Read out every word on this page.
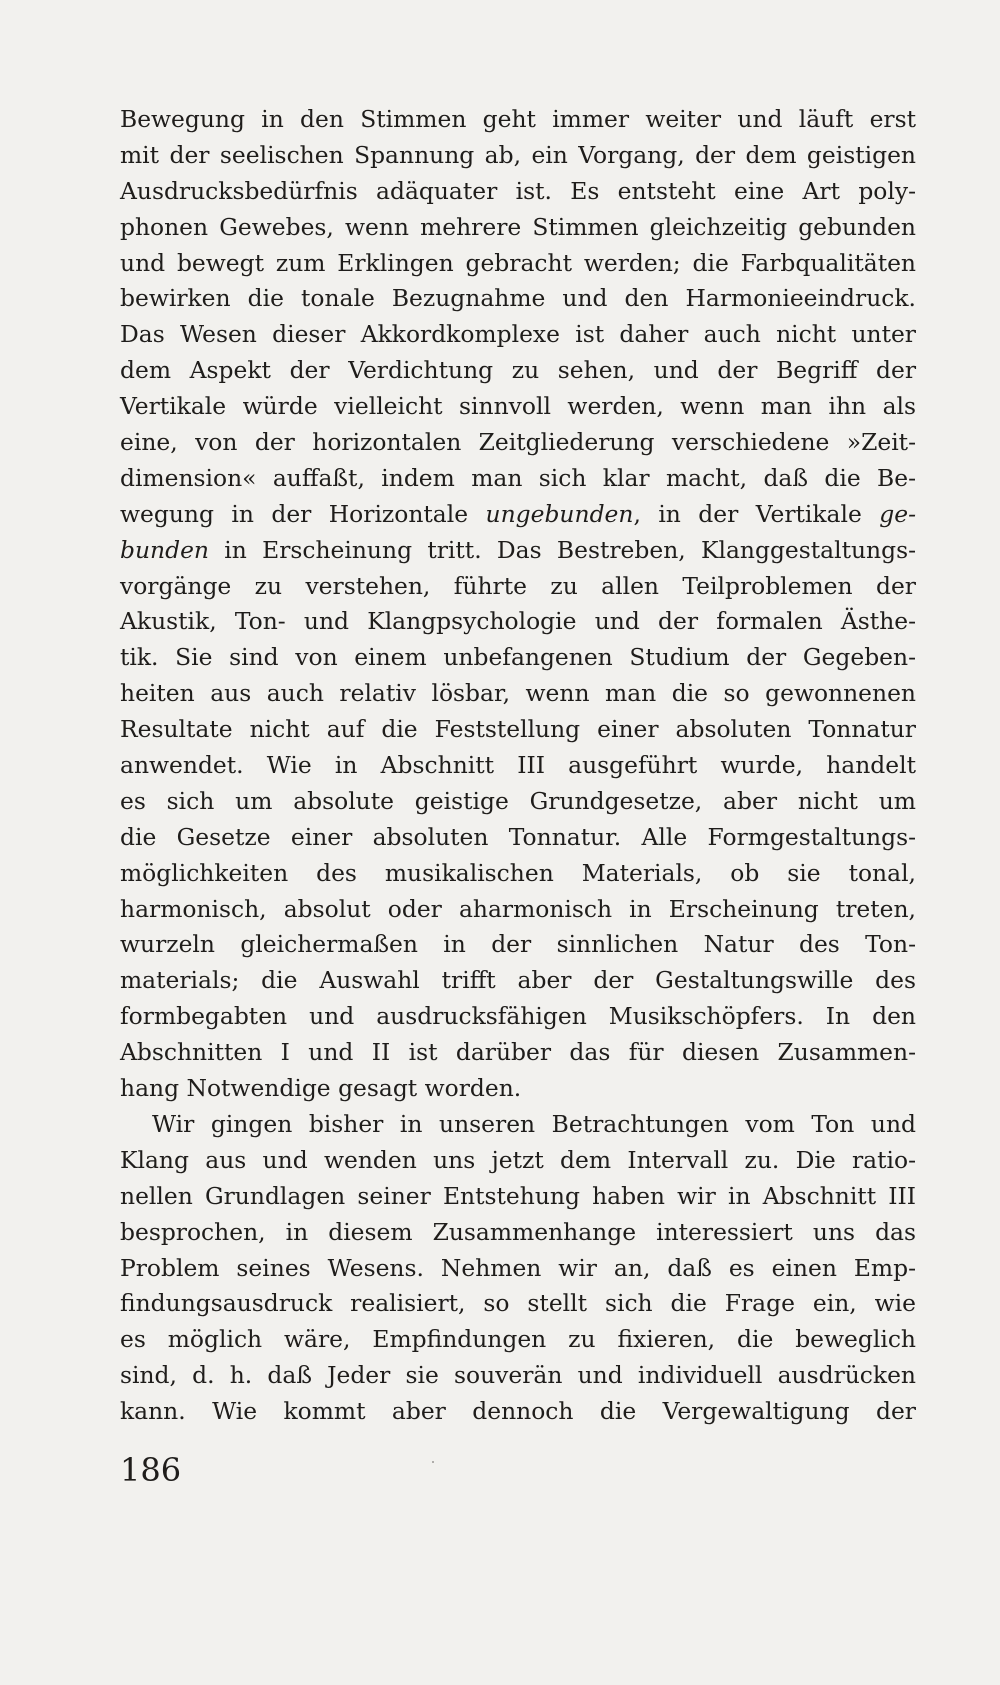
Bewegung in den Stimmen geht immer weiter und läuft erst
mit der seelischen Spannung ab, ein Vorgang, der dem geistigen
Ausdrucksbedürfnis adäquater ist. Es entsteht eine Art poly-
phonen Gewebes, wenn mehrere Stimmen gleichzeitig gebunden
und bewegt zum Erklingen gebracht werden; die Farbqualitäten
bewirken die tonale Bezugnahme und den Harmonieeindruck.
Das Wesen dieser Akkordkomplexe ist daher auch nicht unter
dem Aspekt der Verdichtung zu sehen, und der Begriff der
Vertikale würde vielleicht sinnvoll werden, wenn man ihn als
eine, von der horizontalen Zeitgliederung verschiedene »Zeit-
dimension« auffaßt, indem man sich klar macht, daß die Be-
wegung in der Horizontale ungebunden, in der Vertikale ge-
bunden in Erscheinung tritt. Das Bestreben, Klanggestaltungs-
vorgänge zu verstehen, führte zu allen Teilproblemen der
Akustik, Ton- und Klangpsychologie und der formalen Ästhe-
tik. Sie sind von einem unbefangenen Studium der Gegeben-
heiten aus auch relativ lösbar, wenn man die so gewonnenen
Resultate nicht auf die Feststellung einer absoluten Tonnatur
anwendet. Wie in Abschnitt III ausgeführt wurde, handelt
es sich um absolute geistige Grundgesetze, aber nicht um
die Gesetze einer absoluten Tonnatur. Alle Formgestaltungs-
möglichkeiten des musikalischen Materials, ob sie tonal,
harmonisch, absolut oder aharmonisch in Erscheinung treten,
wurzeln gleichermaßen in der sinnlichen Natur des Ton-
materials; die Auswahl trifft aber der Gestaltungswille des
formbegabten und ausdrucksfähigen Musikschöpfers. In den
Abschnitten I und II ist darüber das für diesen Zusammen-
hang Notwendige gesagt worden.
Wir gingen bisher in unseren Betrachtungen vom Ton und
Klang aus und wenden uns jetzt dem Intervall zu. Die ratio-
nellen Grundlagen seiner Entstehung haben wir in Abschnitt III
besprochen, in diesem Zusammenhange interessiert uns das
Problem seines Wesens. Nehmen wir an, daß es einen Emp-
findungsausdruck realisiert, so stellt sich die Frage ein, wie
es möglich wäre, Empfindungen zu fixieren, die beweglich
sind, d. h. daß Jeder sie souverän und individuell ausdrücken
kann. Wie kommt aber dennoch die Vergewaltigung der
186
